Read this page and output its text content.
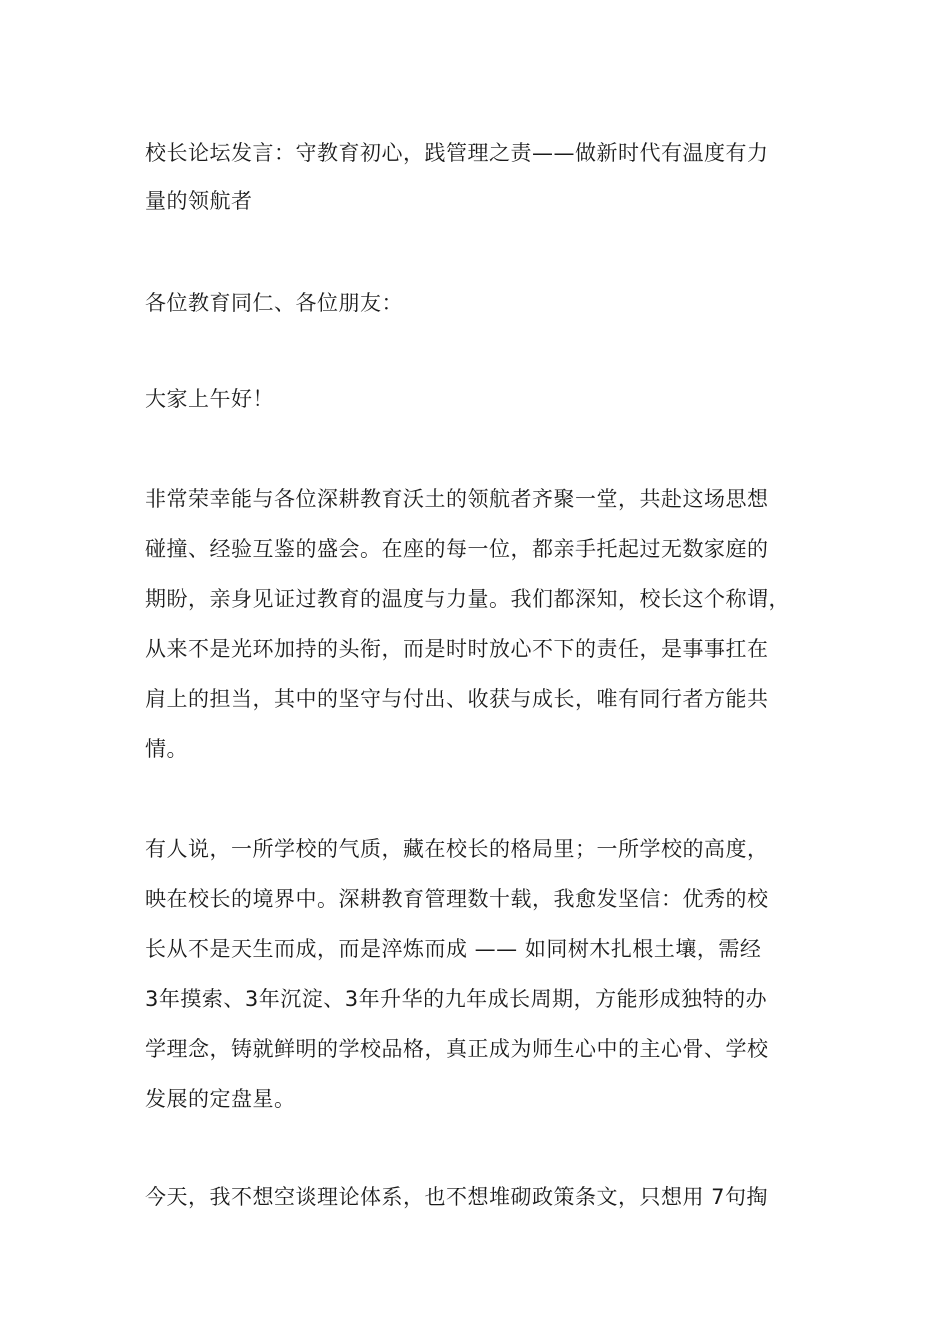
校长论坛发言：守教育初心，践管理之责——做新时代有温度有力
量的领航者
各位教育同仁、各位朋友：
大家上午好！
非常荣幸能与各位深耕教育沃土的领航者齐聚一堂，共赴这场思想
碰撞、经验互鉴的盛会。在座的每一位，都亲手托起过无数家庭的
期盼，亲身见证过教育的温度与力量。我们都深知，校长这个称谓，
从来不是光环加持的头衔，而是时时放心不下的责任，是事事扛在
肩上的担当，其中的坚守与付出、收获与成长，唯有同行者方能共
情。
有人说，一所学校的气质，藏在校长的格局里；一所学校的高度，
映在校长的境界中。深耕教育管理数十载，我愈发坚信：优秀的校
长从不是天生而成，而是淬炼而成 —— 如同树木扎根土壤，需经
3年摸索、3年沉淀、3年升华的九年成长周期，方能形成独特的办
学理念，铸就鲜明的学校品格，真正成为师生心中的主心骨、学校
发展的定盘星。
今天，我不想空谈理论体系，也不想堆砌政策条文，只想用 7句掏
